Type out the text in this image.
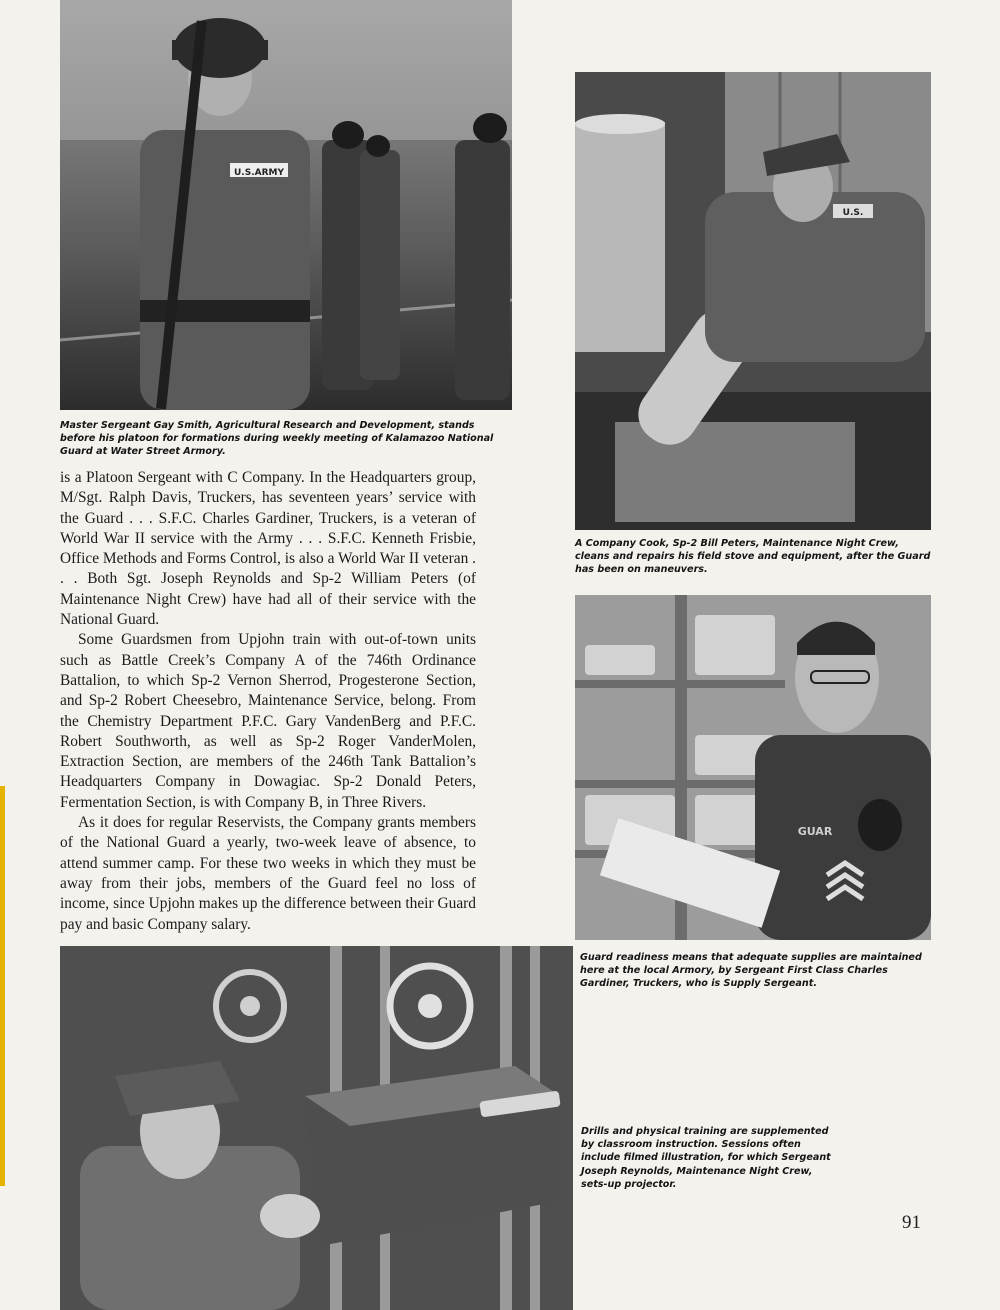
U.S.ARMY

Master Sergeant Gay Smith, Agricultural Research and Development, stands before his platoon for formations during weekly meeting of Kalamazoo National Guard at Water Street Armory.

is a Platoon Sergeant with C Company. In the Headquarters group, M/Sgt. Ralph Davis, Truckers, has seventeen years’ service with the Guard . . . S.F.C. Charles Gardiner, Truckers, is a veteran of World War II service with the Army . . . S.F.C. Kenneth Frisbie, Office Methods and Forms Control, is also a World War II veteran . . . Both Sgt. Joseph Reynolds and Sp-2 William Peters (of Maintenance Night Crew) have had all of their service with the National Guard.

Some Guardsmen from Upjohn train with out-of-town units such as Battle Creek’s Company A of the 746th Ordinance Battalion, to which Sp-2 Vernon Sherrod, Progesterone Section, and Sp-2 Robert Cheesebro, Maintenance Service, belong. From the Chemistry Department P.F.C. Gary VandenBerg and P.F.C. Robert Southworth, as well as Sp-2 Roger VanderMolen, Extraction Section, are members of the 246th Tank Battalion’s Headquarters Company in Dowagiac. Sp-2 Donald Peters, Fermentation Section, is with Company B, in Three Rivers.

As it does for regular Reservists, the Company grants members of the National Guard a yearly, two-week leave of absence, to attend summer camp. For these two weeks in which they must be away from their jobs, members of the Guard feel no loss of income, since Upjohn makes up the difference between their Guard pay and basic Company salary.

U.S.

A Company Cook, Sp-2 Bill Peters, Maintenance Night Crew, cleans and repairs his field stove and equipment, after the Guard has been on maneuvers.

GUAR

Guard readiness means that adequate supplies are maintained here at the local Armory, by Sergeant First Class Charles Gardiner, Truckers, who is Supply Sergeant.

Drills and physical training are supplemented by classroom instruction. Sessions often include filmed illustration, for which Sergeant Joseph Reynolds, Maintenance Night Crew, sets-up projector.

91
